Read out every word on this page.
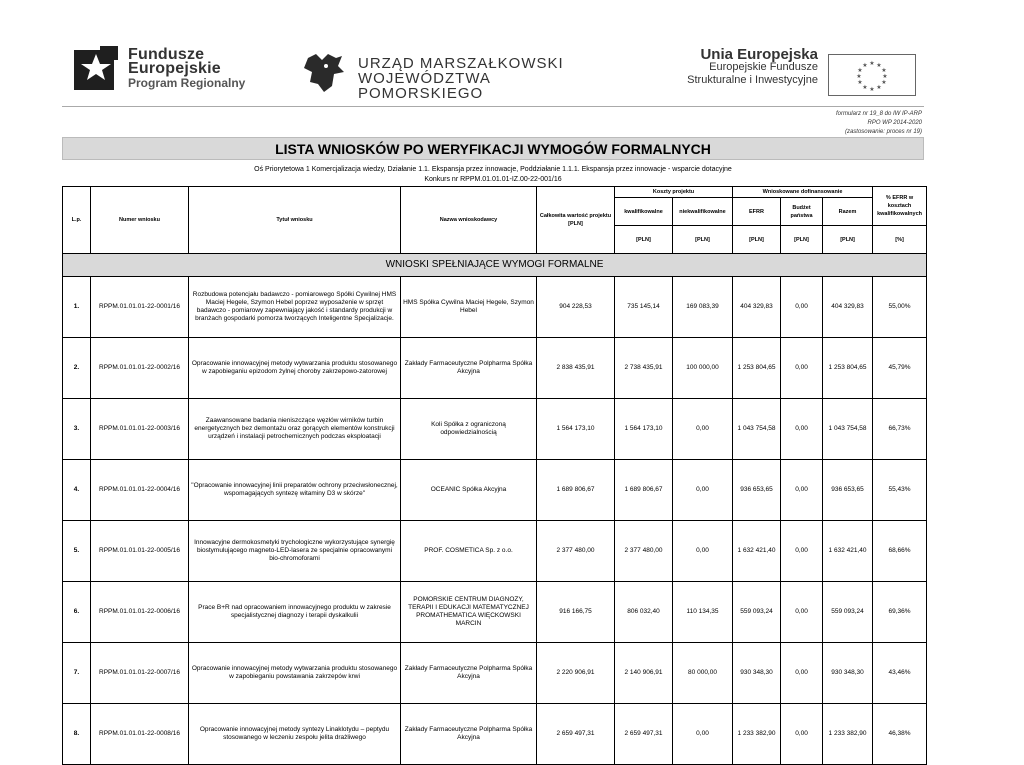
Fundusze
Europejskie
Program Regionalny
URZĄD MARSZAŁKOWSKI
WOJEWÓDZTWA POMORSKIEGO
Unia Europejska
Europejskie Fundusze
Strukturalne i Inwestycyjne
★ ★
★
★
★
★
★
★
★
★
★
★
formularz nr 19_8 do IW IP-ARP
RPO WP 2014-2020
(zastosowanie: proces nr 19)
LISTA WNIOSKÓW PO WERYFIKACJI WYMOGÓW FORMALNYCH
Oś Priorytetowa 1 Komercjalizacja wiedzy, Działanie 1.1. Ekspansja przez innowacje, Poddziałanie 1.1.1. Ekspansja przez innowacje - wsparcie dotacyjne
Konkurs nr RPPM.01.01.01-IZ.00-22-001/16
L.p.	Numer wniosku	Tytuł wniosku	Nazwa wnioskodawcy	Całkowita wartość projektu [PLN]	Koszty projektu		Wnioskowane dofinansowanie			% EFRR w kosztach kwalifikowalnych
					kwalifikowalne	niekwalifikowalne	EFRR	Budżet państwa	Razem	
					[PLN]	[PLN]	[PLN]	[PLN]	[PLN]	[%]
WNIOSKI SPEŁNIAJĄCE WYMOGI FORMALNE										
1.	RPPM.01.01.01-22-0001/16	Rozbudowa potencjału badawczo - pomiarowego Spółki Cywilnej HMS Maciej Hegele, Szymon Hebel poprzez wyposażenie w sprzęt badawczo - pomiarowy zapewniający jakość i standardy produkcji w branżach gospodarki pomorza tworzących Inteligentne Specjalizacje.	HMS Spółka Cywilna Maciej Hegele, Szymon Hebel	904 228,53	735 145,14	169 083,39	404 329,83	0,00	404 329,83	55,00%
2.	RPPM.01.01.01-22-0002/16	Opracowanie innowacyjnej metody wytwarzania produktu stosowanego w zapobieganiu epizodom żylnej choroby zakrzepowo-zatorowej	Zakłady Farmaceutyczne Polpharma Spółka Akcyjna	2 838 435,91	2 738 435,91	100 000,00	1 253 804,65	0,00	1 253 804,65	45,79%
3.	RPPM.01.01.01-22-0003/16	Zaawansowane badania nieniszczące węzłów wirników turbin energetycznych bez demontażu oraz gorących elementów konstrukcji urządzeń i instalacji petrochemicznych podczas eksploatacji	Koli Spółka z ograniczoną odpowiedzialnością	1 564 173,10	1 564 173,10	0,00	1 043 754,58	0,00	1 043 754,58	66,73%
4.	RPPM.01.01.01-22-0004/16	"Opracowanie innowacyjnej linii preparatów ochrony przeciwsłonecznej, wspomagających syntezę witaminy D3 w skórze"	OCEANIC Spółka Akcyjna	1 689 806,67	1 689 806,67	0,00	936 653,65	0,00	936 653,65	55,43%
5.	RPPM.01.01.01-22-0005/16	Innowacyjne dermokosmetyki trychologiczne wykorzystujące synergię biostymulującego magneto-LED-lasera ze specjalnie opracowanymi bio-chromoforami	PROF. COSMETICA Sp. z o.o.	2 377 480,00	2 377 480,00	0,00	1 632 421,40	0,00	1 632 421,40	68,66%
6.	RPPM.01.01.01-22-0006/16	Prace B+R nad opracowaniem innowacyjnego produktu w zakresie specjalistycznej diagnozy i terapii dyskalkulii	POMORSKIE CENTRUM DIAGNOZY, TERAPII I EDUKACJI MATEMATYCZNEJ PROMATHEMATICA WIĘCKOWSKI MARCIN	916 166,75	806 032,40	110 134,35	559 093,24	0,00	559 093,24	69,36%
7.	RPPM.01.01.01-22-0007/16	Opracowanie innowacyjnej metody wytwarzania produktu stosowanego w zapobieganiu powstawania zakrzepów krwi	Zakłady Farmaceutyczne Polpharma Spółka Akcyjna	2 220 906,91	2 140 906,91	80 000,00	930 348,30	0,00	930 348,30	43,46%
8.	RPPM.01.01.01-22-0008/16	Opracowanie innowacyjnej metody syntezy Linaklotydu – peptydu stosowanego w leczeniu zespołu jelita drażliwego	Zakłady Farmaceutyczne Polpharma Spółka Akcyjna	2 659 497,31	2 659 497,31	0,00	1 233 382,90	0,00	1 233 382,90	46,38%
